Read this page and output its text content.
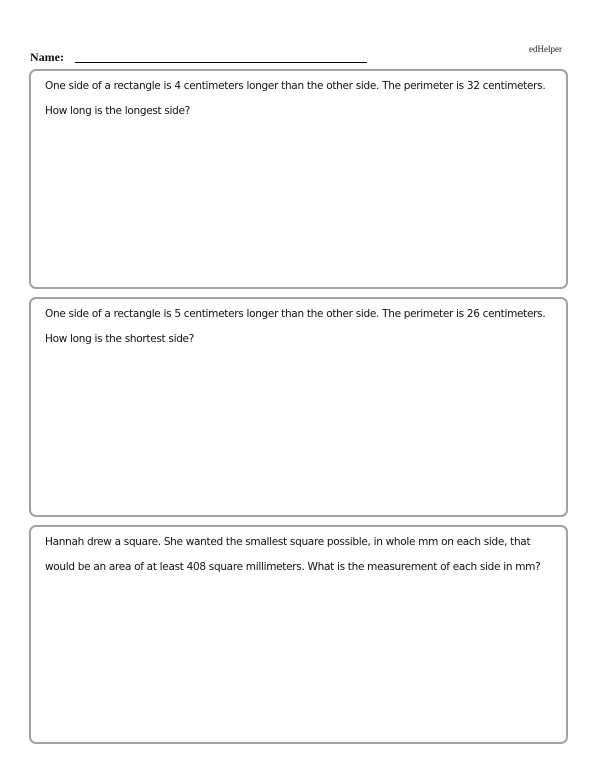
edHelper
Name:
One side of a rectangle is 4 centimeters longer than the other side. The perimeter is 32 centimeters. How long is the longest side?
One side of a rectangle is 5 centimeters longer than the other side. The perimeter is 26 centimeters. How long is the shortest side?
Hannah drew a square. She wanted the smallest square possible, in whole mm on each side, that would be an area of at least 408 square millimeters. What is the measurement of each side in mm?
